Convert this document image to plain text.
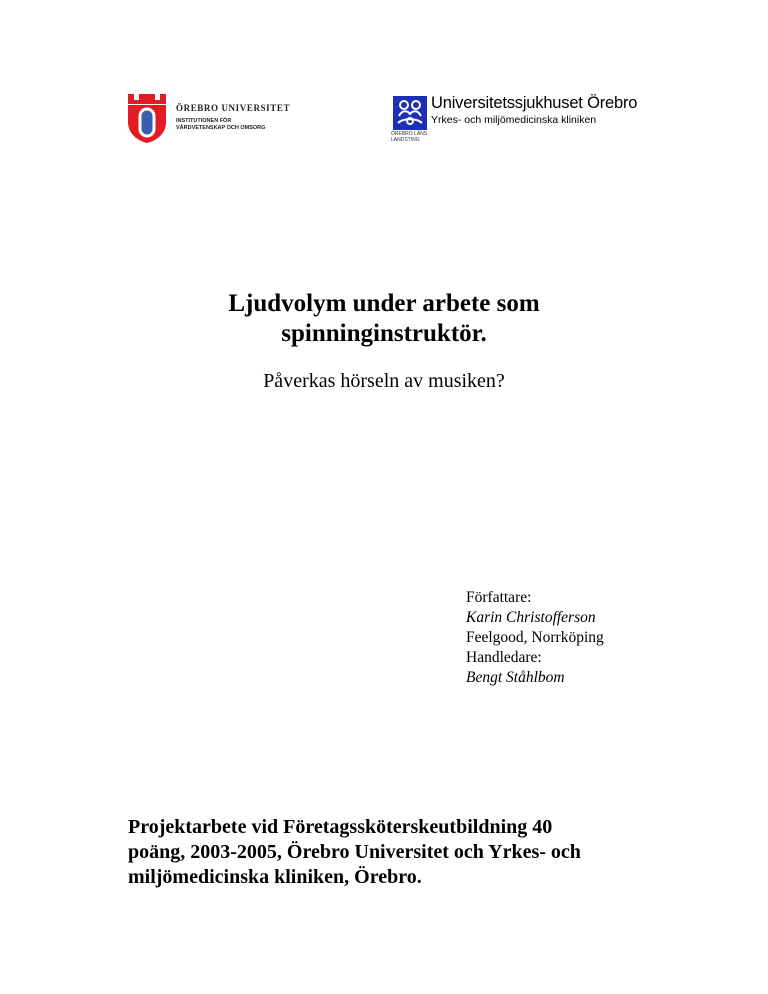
ÖREBRO UNIVERSITET
INSTITUTIONEN FÖR
VÅRDVETENSKAP OCH OMSORG
Universitetssjukhuset Örebro
Yrkes- och miljömedicinska kliniken
ÖREBRO LÄNS
LANDSTING
Ljudvolym under arbete som
spinninginstruktör.
Påverkas hörseln av musiken?
Författare:
Karin Christofferson
Feelgood, Norrköping
Handledare:
Bengt Ståhlbom
Projektarbete vid Företagssköterskeutbildning 40
poäng, 2003-2005, Örebro Universitet och Yrkes- och
miljömedicinska kliniken, Örebro.
